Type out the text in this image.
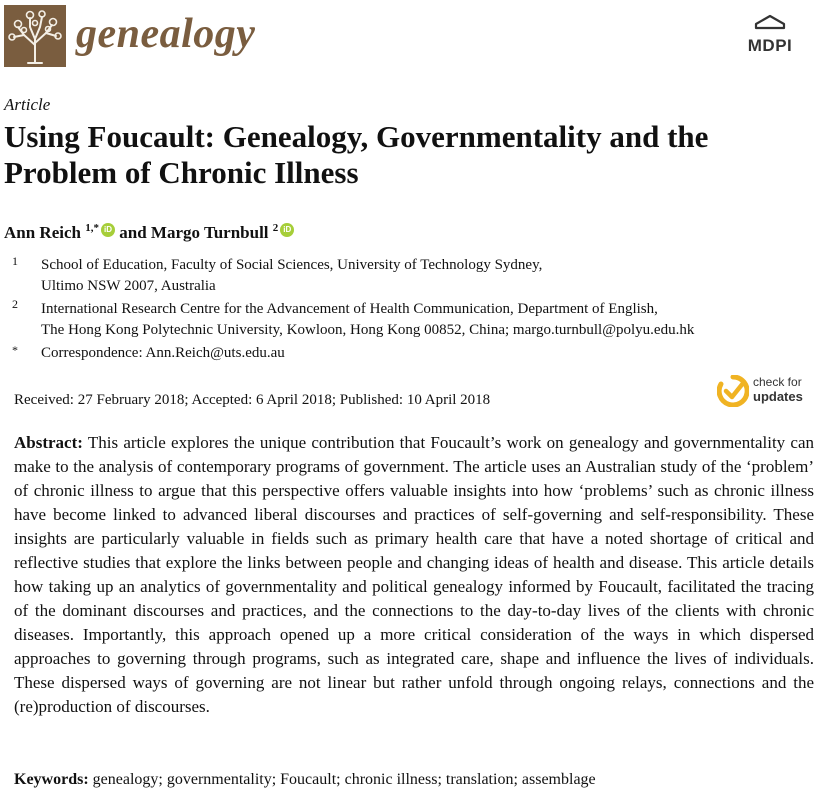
genealogy	MDPI
Article
Using Foucault: Genealogy, Governmentality and the Problem of Chronic Illness
Ann Reich $^{1,*}$ iD and Margo Turnbull $^2$ iD
1 School of Education, Faculty of Social Sciences, University of Technology Sydney,
Ultimo NSW 2007, Australia
2 International Research Centre for the Advancement of Health Communication, Department of English,
The Hong Kong Polytechnic University, Kowloon, Hong Kong 00852, China; margo.turnbull@polyu.edu.hk
* Correspondence: Ann.Reich@uts.edu.au
Received: 27 February 2018; Accepted: 6 April 2018; Published: 10 April 2018
check for
updates

Abstract: This article explores the unique contribution that Foucault’s work on genealogy and governmentality can make to the analysis of contemporary programs of government. The article uses an Australian study of the ‘problem’ of chronic illness to argue that this perspective offers valuable insights into how ‘problems’ such as chronic illness have become linked to advanced liberal discourses and practices of self-governing and self-responsibility. These insights are particularly valuable in fields such as primary health care that have a noted shortage of critical and reflective studies that explore the links between people and changing ideas of health and disease. This article details how taking up an analytics of governmentality and political genealogy informed by Foucault, facilitated the tracing of the dominant discourses and practices, and the connections to the day-to-day lives of the clients with chronic diseases. Importantly, this approach opened up a more critical consideration of the ways in which dispersed approaches to governing through programs, such as integrated care, shape and influence the lives of individuals. These dispersed ways of governing are not linear but rather unfold through ongoing relays, connections and the (re)production of discourses.

Keywords: genealogy; governmentality; Foucault; chronic illness; translation; assemblage
